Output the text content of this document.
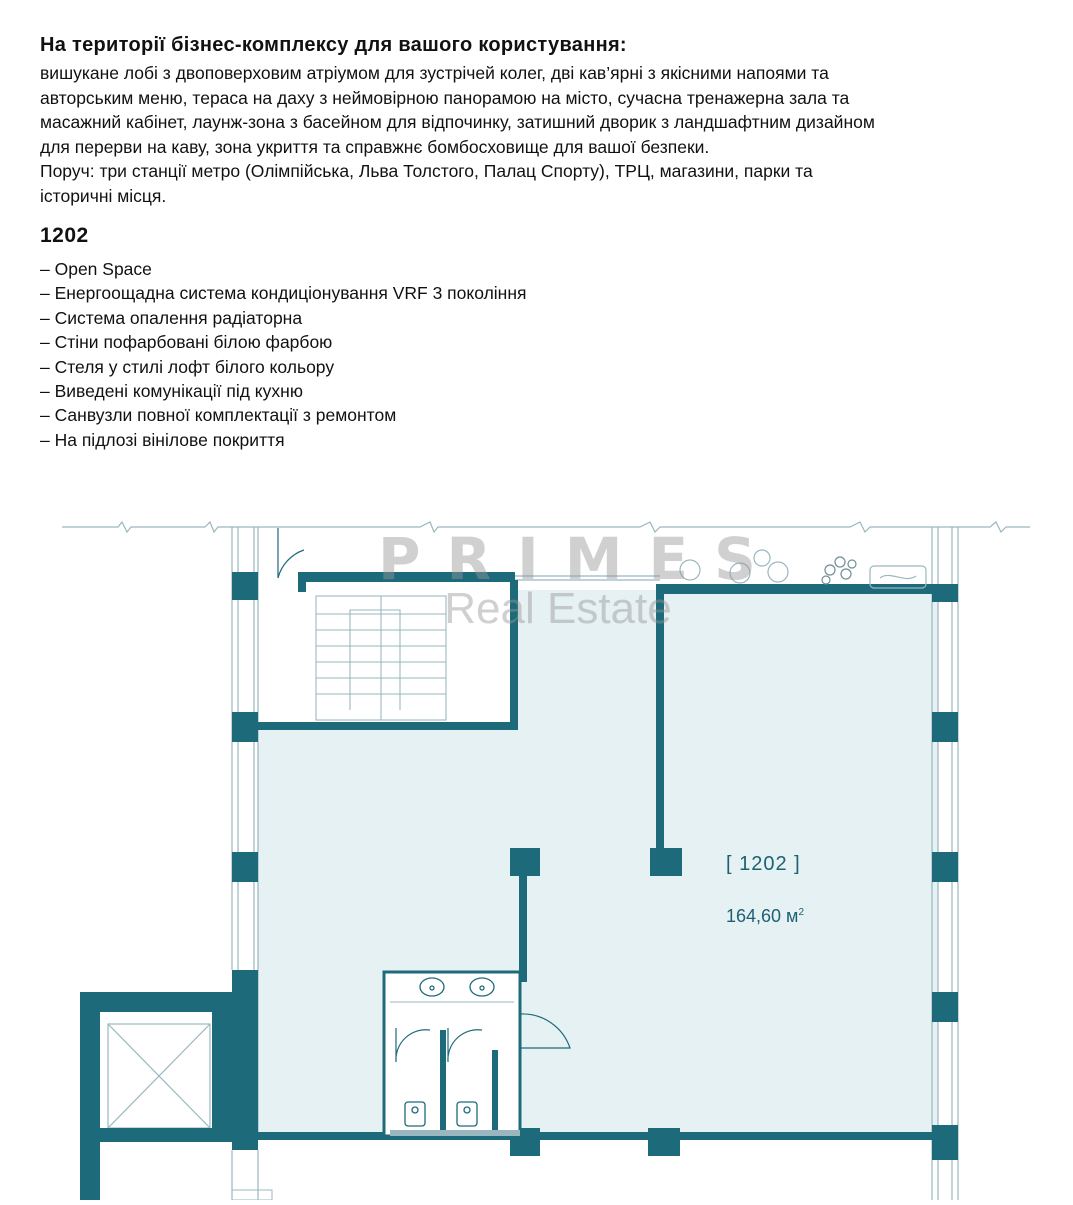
На території бізнес-комплексу для вашого користування:

вишукане лобі з двоповерховим атріумом для зустрічей колег, дві кав’ярні з якісними напоями та

авторським меню, тераса на даху з неймовірною панорамою на місто, сучасна тренажерна зала та

масажний кабінет, лаунж-зона з басейном для відпочинку, затишний дворик з ландшафтним дизайном

для перерви на каву, зона укриття та справжнє бомбосховище для вашої безпеки.

Поруч: три станції метро (Олімпійська, Льва Толстого, Палац Спорту), ТРЦ, магазини, парки та

історичні місця.

1202
– Open Space
– Енергоощадна система кондиціонування VRF 3 покоління
– Система опалення радіаторна
– Стіни пофарбовані білою фарбою
– Стеля у стилі лофт білого кольору
– Виведені комунікації під кухню
– Санвузли повної комплектації з ремонтом
– На підлозі вінілове покриття
PRIMES
Real Estate
[ 1202 ]
164,60 $м^2$
